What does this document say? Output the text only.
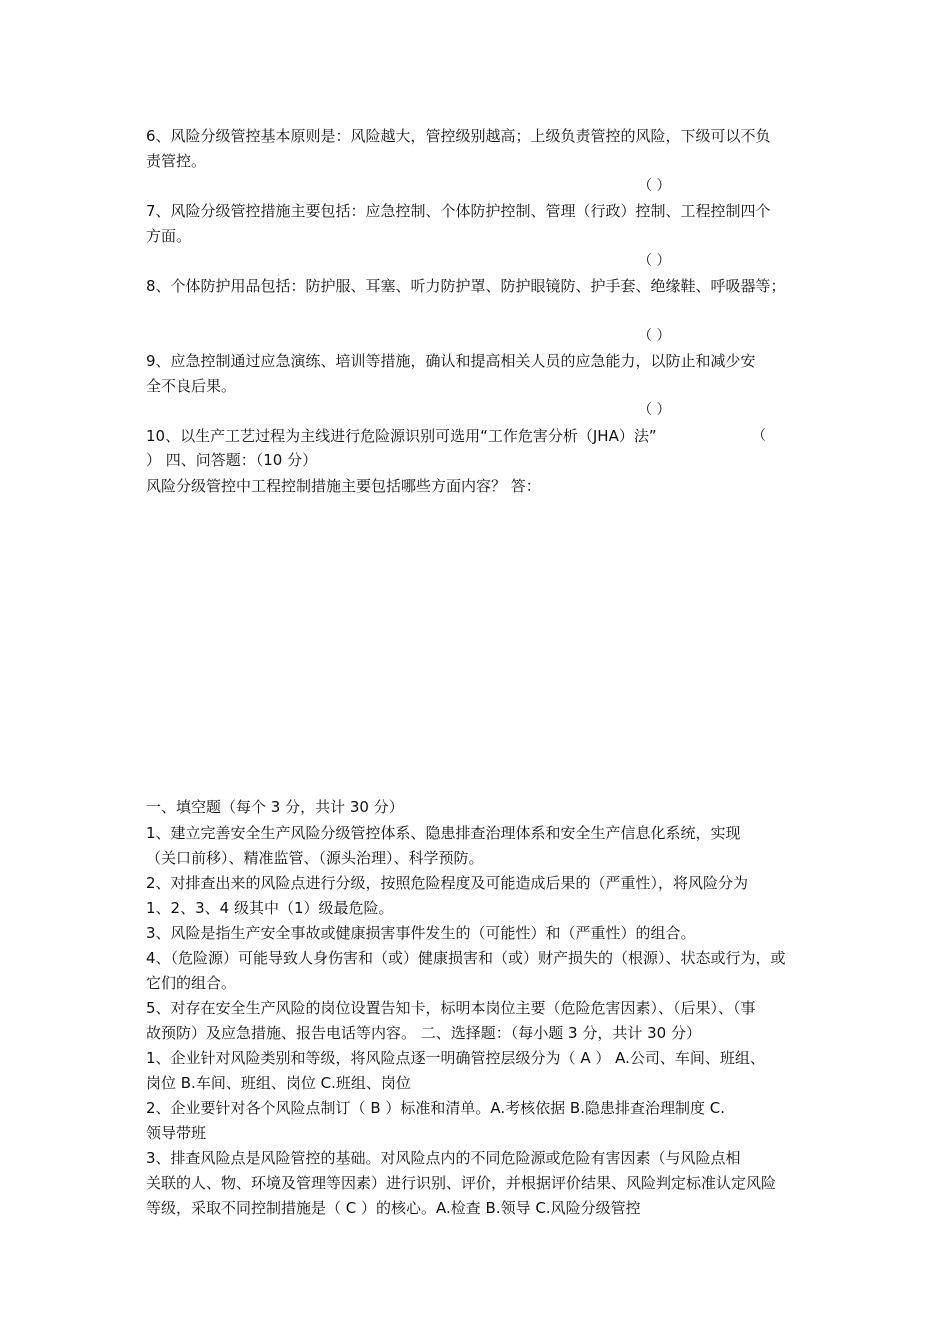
6、风险分级管控基本原则是：风险越大，管控级别越高；上级负责管控的风险，下级可以不负
责管控。
（ ）
7、风险分级管控措施主要包括：应急控制、个体防护控制、管理（行政）控制、工程控制四个
方面。
（ ）
8、个体防护用品包括：防护服、耳塞、听力防护罩、防护眼镜防、护手套、绝缘鞋、呼吸器等；
（ ）
9、应急控制通过应急演练、培训等措施，确认和提高相关人员的应急能力，以防止和减少安
全不良后果。
（ ）
10、以生产工艺过程为主线进行危险源识别可选用“工作危害分析（JHA）法”	（
） 四、问答题：（10 分）
风险分级管控中工程控制措施主要包括哪些方面内容？ 答：
一、填空题（每个 3 分，共计 30 分）
1、建立完善安全生产风险分级管控体系、隐患排查治理体系和安全生产信息化系统，实现
（关口前移）、精准监管、（源头治理）、科学预防。
2、对排查出来的风险点进行分级，按照危险程度及可能造成后果的（严重性），将风险分为
1、2、3、4 级其中（1）级最危险。
3、风险是指生产安全事故或健康损害事件发生的（可能性）和（严重性）的组合。
4、（危险源）可能导致人身伤害和（或）健康损害和（或）财产损失的（根源）、状态或行为，或
它们的组合。
5、对存在安全生产风险的岗位设置告知卡，标明本岗位主要（危险危害因素）、（后果）、（事
故预防）及应急措施、报告电话等内容。 二、选择题：（每小题 3 分，共计 30 分）
1、企业针对风险类别和等级，将风险点逐一明确管控层级分为（ A ） A.公司、车间、班组、
岗位 B.车间、班组、岗位 C.班组、岗位
2、企业要针对各个风险点制订（ B ）标准和清单。A.考核依据 B.隐患排查治理制度 C.
领导带班
3、排查风险点是风险管控的基础。对风险点内的不同危险源或危险有害因素（与风险点相
关联的人、物、环境及管理等因素）进行识别、评价，并根据评价结果、风险判定标准认定风险
等级，采取不同控制措施是（ C ）的核心。A.检查 B.领导 C.风险分级管控
